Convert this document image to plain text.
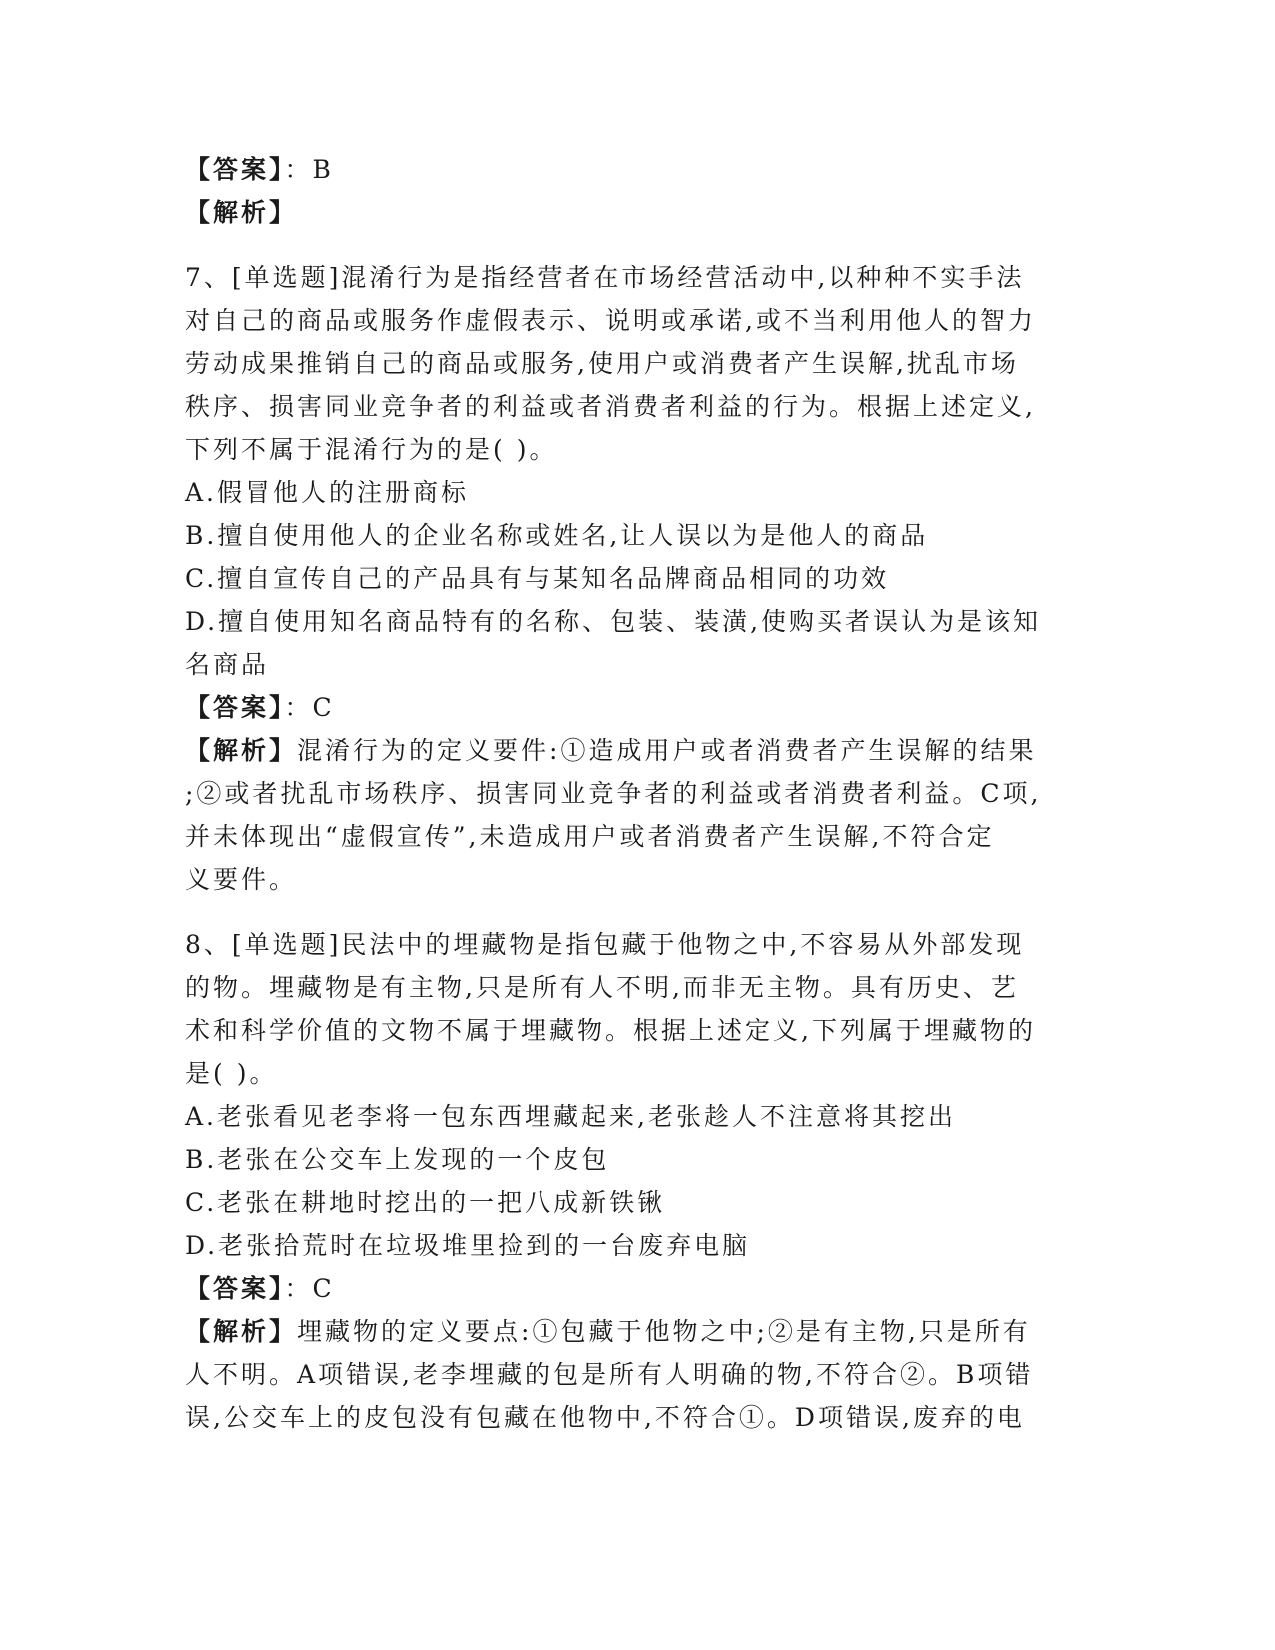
【答案】：B
【解析】
7、[单选题]混淆行为是指经营者在市场经营活动中,以种种不实手法
对自己的商品或服务作虚假表示、说明或承诺,或不当利用他人的智力
劳动成果推销自己的商品或服务,使用户或消费者产生误解,扰乱市场
秩序、损害同业竞争者的利益或者消费者利益的行为。根据上述定义,
下列不属于混淆行为的是( )。
A.假冒他人的注册商标
B.擅自使用他人的企业名称或姓名,让人误以为是他人的商品
C.擅自宣传自己的产品具有与某知名品牌商品相同的功效
D.擅自使用知名商品特有的名称、包装、装潢,使购买者误认为是该知
名商品
【答案】：C
【解析】混淆行为的定义要件:①造成用户或者消费者产生误解的结果
;②或者扰乱市场秩序、损害同业竞争者的利益或者消费者利益。C项,
并未体现出“虚假宣传”,未造成用户或者消费者产生误解,不符合定
义要件。
8、[单选题]民法中的埋藏物是指包藏于他物之中,不容易从外部发现
的物。埋藏物是有主物,只是所有人不明,而非无主物。具有历史、艺
术和科学价值的文物不属于埋藏物。根据上述定义,下列属于埋藏物的
是( )。
A.老张看见老李将一包东西埋藏起来,老张趁人不注意将其挖出
B.老张在公交车上发现的一个皮包
C.老张在耕地时挖出的一把八成新铁锹
D.老张拾荒时在垃圾堆里捡到的一台废弃电脑
【答案】：C
【解析】埋藏物的定义要点:①包藏于他物之中;②是有主物,只是所有
人不明。A项错误,老李埋藏的包是所有人明确的物,不符合②。B项错
误,公交车上的皮包没有包藏在他物中,不符合①。D项错误,废弃的电
